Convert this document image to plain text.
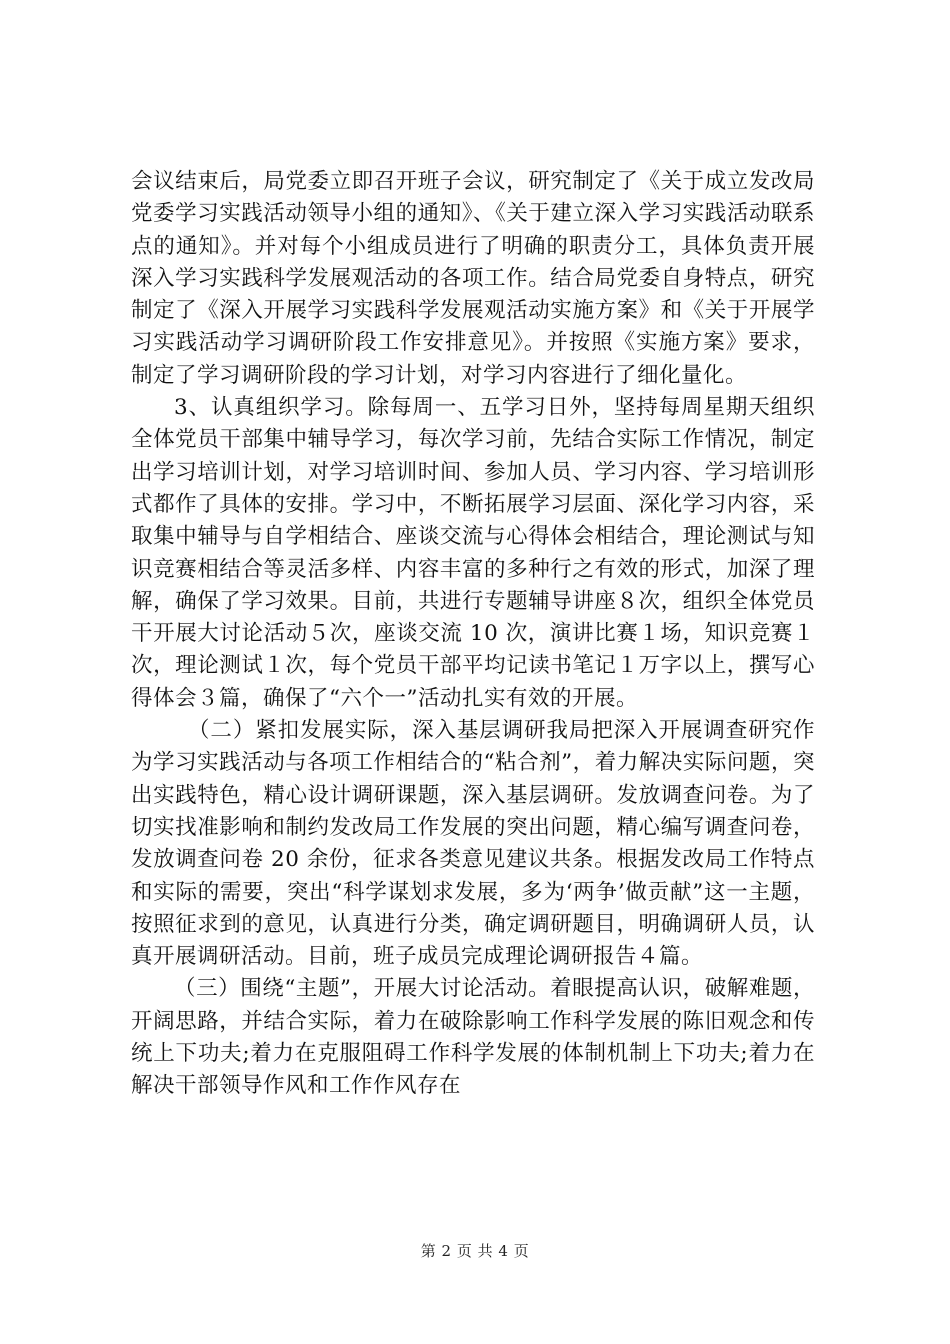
会议结束后，局党委立即召开班子会议，研究制定了《关于成立发改局党委学习实践活动领导小组的通知》、《关于建立深入学习实践活动联系点的通知》。并对每个小组成员进行了明确的职责分工，具体负责开展深入学习实践科学发展观活动的各项工作。结合局党委自身特点，研究制定了《深入开展学习实践科学发展观活动实施方案》和《关于开展学习实践活动学习调研阶段工作安排意见》。并按照《实施方案》要求，制定了学习调研阶段的学习计划，对学习内容进行了细化量化。

3、认真组织学习。除每周一、五学习日外，坚持每周星期天组织全体党员干部集中辅导学习，每次学习前，先结合实际工作情况，制定出学习培训计划，对学习培训时间、参加人员、学习内容、学习培训形式都作了具体的安排。学习中，不断拓展学习层面、深化学习内容，采取集中辅导与自学相结合、座谈交流与心得体会相结合，理论测试与知识竞赛相结合等灵活多样、内容丰富的多种行之有效的形式，加深了理解，确保了学习效果。目前，共进行专题辅导讲座８次，组织全体党员干开展大讨论活动５次，座谈交流 10 次，演讲比赛１场，知识竞赛１次，理论测试１次，每个党员干部平均记读书笔记１万字以上，撰写心得体会３篇，确保了“六个一”活动扎实有效的开展。

（二）紧扣发展实际，深入基层调研我局把深入开展调查研究作为学习实践活动与各项工作相结合的“粘合剂”，着力解决实际问题，突出实践特色，精心设计调研课题，深入基层调研。发放调查问卷。为了切实找准影响和制约发改局工作发展的突出问题，精心编写调查问卷，发放调查问卷 20 余份，征求各类意见建议共条。根据发改局工作特点和实际的需要，突出“科学谋划求发展，多为‘两争’做贡献”这一主题，按照征求到的意见，认真进行分类，确定调研题目，明确调研人员，认真开展调研活动。目前，班子成员完成理论调研报告４篇。

（三）围绕“主题”，开展大讨论活动。着眼提高认识，破解难题，开阔思路，并结合实际，着力在破除影响工作科学发展的陈旧观念和传统上下功夫;着力在克服阻碍工作科学发展的体制机制上下功夫;着力在解决干部领导作风和工作作风存在

第 2 页 共 4 页
